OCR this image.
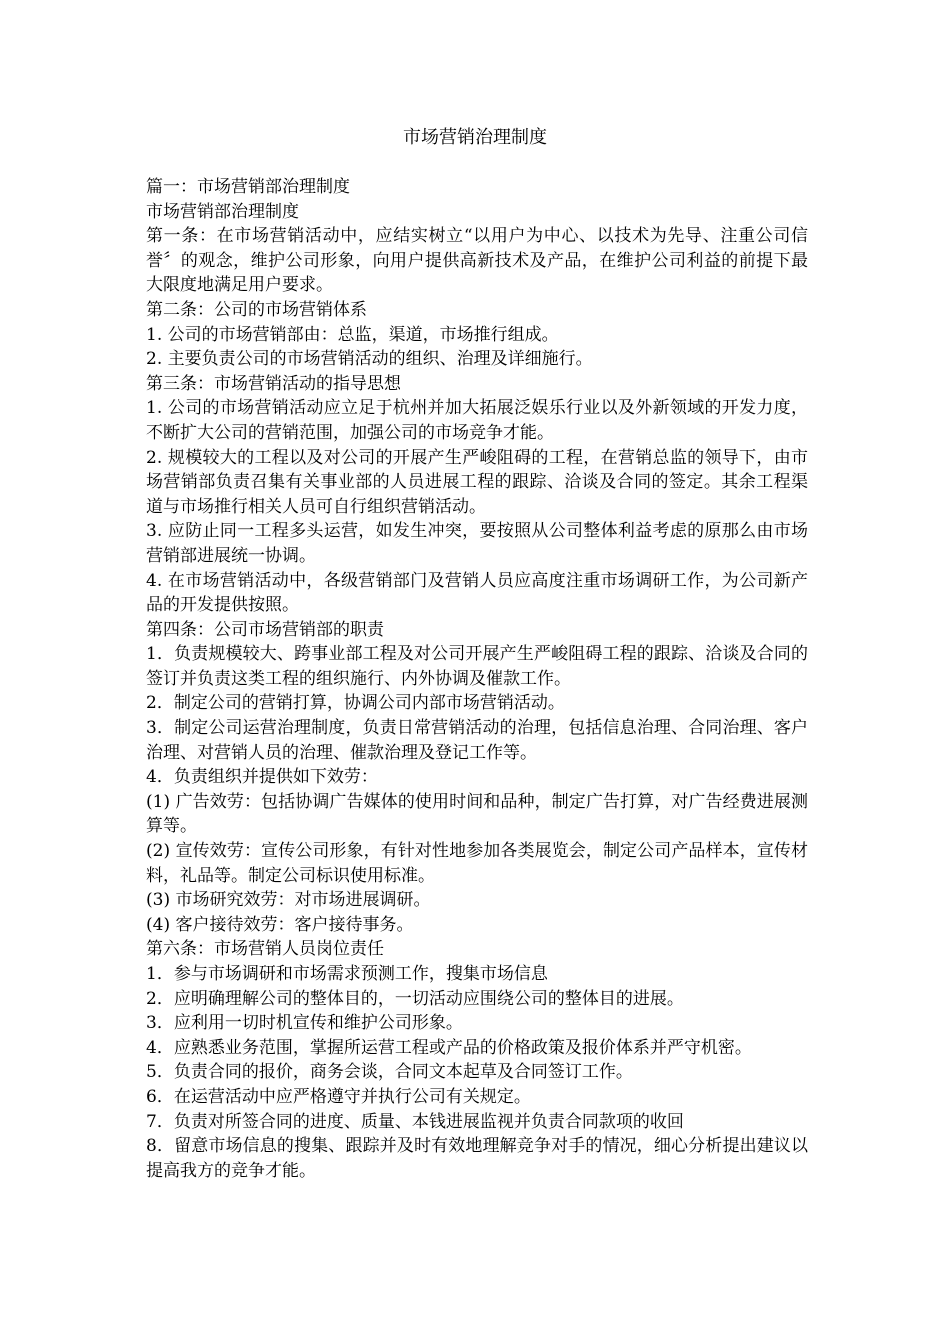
市场营销治理制度

篇一：市场营销部治理制度

市场营销部治理制度

第一条：在市场营销活动中，应结实树立“以用户为中心、以技术为先导、注重公司信誉〞的观念，维护公司形象，向用户提供高新技术及产品，在维护公司利益的前提下最大限度地满足用户要求。

第二条：公司的市场营销体系

1. 公司的市场营销部由：总监，渠道，市场推行组成。

2. 主要负责公司的市场营销活动的组织、治理及详细施行。

第三条：市场营销活动的指导思想

1. 公司的市场营销活动应立足于杭州并加大拓展泛娱乐行业以及外新领域的开发力度，不断扩大公司的营销范围，加强公司的市场竞争才能。

2. 规模较大的工程以及对公司的开展产生严峻阻碍的工程，在营销总监的领导下，由市场营销部负责召集有关事业部的人员进展工程的跟踪、洽谈及合同的签定。其余工程渠道与市场推行相关人员可自行组织营销活动。

3. 应防止同一工程多头运营，如发生冲突，要按照从公司整体利益考虑的原那么由市场营销部进展统一协调。

4. 在市场营销活动中，各级营销部门及营销人员应高度注重市场调研工作，为公司新产品的开发提供按照。

第四条：公司市场营销部的职责

1．负责规模较大、跨事业部工程及对公司开展产生严峻阻碍工程的跟踪、洽谈及合同的签订并负责这类工程的组织施行、内外协调及催款工作。

2．制定公司的营销打算，协调公司内部市场营销活动。

3．制定公司运营治理制度，负责日常营销活动的治理，包括信息治理、合同治理、客户治理、对营销人员的治理、催款治理及登记工作等。

4．负责组织并提供如下效劳：

(1) 广告效劳：包括协调广告媒体的使用时间和品种，制定广告打算，对广告经费进展测算等。

(2) 宣传效劳：宣传公司形象，有针对性地参加各类展览会，制定公司产品样本，宣传材料，礼品等。制定公司标识使用标准。

(3) 市场研究效劳：对市场进展调研。

(4) 客户接待效劳：客户接待事务。

第六条：市场营销人员岗位责任

1．参与市场调研和市场需求预测工作，搜集市场信息

2．应明确理解公司的整体目的，一切活动应围绕公司的整体目的进展。

3．应利用一切时机宣传和维护公司形象。

4．应熟悉业务范围，掌握所运营工程或产品的价格政策及报价体系并严守机密。

5．负责合同的报价，商务会谈，合同文本起草及合同签订工作。

6．在运营活动中应严格遵守并执行公司有关规定。

7．负责对所签合同的进度、质量、本钱进展监视并负责合同款项的收回

8．留意市场信息的搜集、跟踪并及时有效地理解竞争对手的情况，细心分析提出建议以提高我方的竞争才能。
